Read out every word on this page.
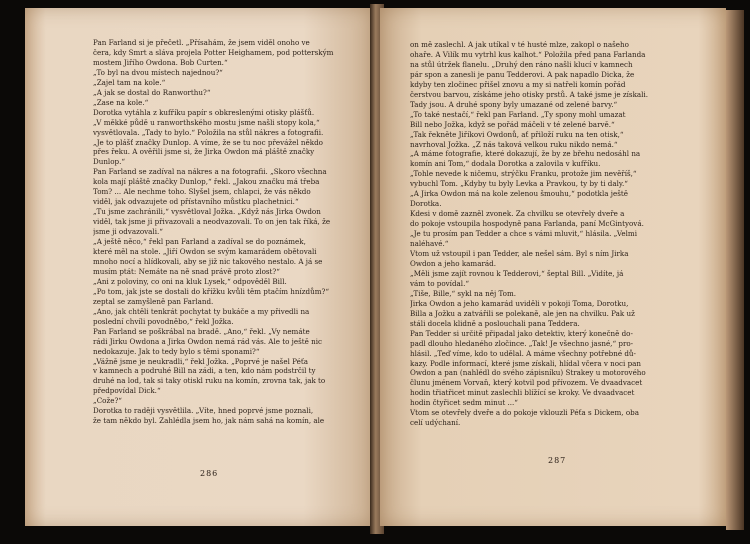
Pan Farland si je přečetl. „Přísahám, že jsem viděl onoho ve
čera, kdy Smrt a sláva projela Potter Heighamem, pod potterským
mostem Jiřího Owdona. Bob Curten.“
„To byl na dvou místech najednou?“
„Zajel tam na kole.“
„A jak se dostal do Ranworthu?“
„Zase na kole.“
Dorotka vytáhla z kufříku papír s obkreslenými otisky plášťů.
„V měkké půdě u ranworthského mostu jsme našli stopy kola,“
vysvětlovala. „Tady to bylo.“ Položila na stůl nákres a fotografii.
„Je to plášť značky Dunlop. A víme, že se tu noc převážel někdo
přes řeku. A ověřili jsme si, že Jirka Owdon má pláště značky
Dunlop.“
Pan Farland se zadíval na nákres a na fotografii. „Skoro všechna
kola mají pláště značky Dunlop,“ řekl. „Jakou značku má třeba
Tom? ... Ale nechme toho. Slyšel jsem, chlapci, že vás někdo
viděl, jak odvazujete od přístavního můstku plachetnici.“
„Tu jsme zachránili,“ vysvětloval Jožka. „Když nás Jirka Owdon
viděl, tak jsme ji přivazovali a neodvazovali. To on jen tak říká, že
jsme ji odvazovali.“
„A ještě něco,“ řekl pan Farland a zadíval se do poznámek,
které měl na stole. „Jiří Owdon se svým kamarádem obětovali
mnoho nocí a hlídkovali, aby se již nic takového nestalo. A já se
musím ptát: Nemáte na ně snad právě proto zlost?“
„Ani z poloviny, co oni na kluk Lysek,“ odpověděl Bill.
„Po tom, jak jste se dostali do křížku kvůli těm ptačím hnízdům?“
zeptal se zamyšleně pan Farland.
„Ano, jak chtěli tenkrát pochytat ty bukáče a my přivedli na
poslední chvíli povodněbo,“ řekl Jožka.
Pan Farland se poškrábal na bradě. „Ano,“ řekl. „Vy nemáte
rádi Jirku Owdona a Jirka Owdon nemá rád vás. Ale to ještě nic
nedokazuje. Jak to tedy bylo s těmi sponami?“
„Vážně jsme je neukradli,“ řekl Jožka. „Poprvé je našel Péťa
v kamnech a podruhé Bill na zádi, a ten, kdo nám podstrčil ty
druhé na lod, tak si taky otiskl ruku na komín, zrovna tak, jak to
předpovídal Dick.“
„Cože?“
Dorotka to raději vysvětlila. „Víte, hned poprvé jsme poznali,
že tam někdo byl. Zahlédla jsem ho, jak nám sahá na komín, ale
286
on mě zaslechl. A jak utíkal v té husté mlze, zakopl o našeho
ohaře. A Vilík mu vytrhl kus kalhot.“ Položila před pana Farlanda
na stůl útržek flanelu. „Druhý den ráno našli klucí v kamnech
pár spon a zanesli je panu Tedderovi. A pak napadlo Dicka, že
kdyby ten zločinec přišel znovu a my si natřeli komín pořád
čerstvou barvou, získáme jeho otisky prstů. A také jsme je získali.
Tady jsou. A druhé spony byly umazané od zelené barvy.“
„To také nestačí,“ řekl pan Farland. „Ty spony mohl umazat
Bill nebo Jožka, když se pořád máčeli v té zelené barvě.“
„Tak řekněte Jiříkovi Owdonů, ať přiloží ruku na ten otisk,“
navrhoval Jožka. „Z nás taková velkou ruku nikdo nemá.“
„A máme fotografie, které dokazují, že by ze břehu nedosáhl na
komín ani Tom,“ dodala Dorotka a zalovila v kufříku.
„Tohle nevede k ničemu, strýčku Franku, protože jim nevěříš,“
vybuchl Tom. „Kdyby tu byly Levka a Pravkou, ty by ti daly.“
„A Jirka Owdon má na kole zelenou šmouhu,“ podotkla ještě
Dorotka.
Kdesi v domě zazněl zvonek. Za chvilku se otevřely dveře a
do pokoje vstoupila hospodyně pana Farlanda, paní McGintyová.
„Je tu prosím pan Tedder a chce s vámi mluvit,“ hlásila. „Velmi
naléhavé.“
Vtom už vstoupil i pan Tedder, ale nešel sám. Byl s ním Jirka
Owdon a jeho kamarád.
„Měli jsme zajít rovnou k Tedderovi,“ šeptal Bill. „Vidíte, já
vám to povídal.“
„Tiše, Bille,“ sykl na něj Tom.
Jirka Owdon a jeho kamarád uviděli v pokoji Toma, Dorotku,
Billa a Jožku a zatvářili se polekaně, ale jen na chvilku. Pak už
stáli docela klidně a poslouchali pana Teddera.
Pan Tedder si určitě připadal jako detektiv, který konečně do-
padl dlouho hledaného zločince. „Tak! Je všechno jasné,“ pro-
hlásil. „Teď víme, kdo to udělal. A máme všechny potřebné dů-
kazy. Podle informací, které jsme získali, hlídal včera v noci pan
Owdon a pan (nahlédl do svého zápisníku) Strakey u motorového
člunu jménem Vorvaň, který kotvil pod přívozem. Ve dvaadvacet
hodin třiatřicet minut zaslechli blížící se kroky. Ve dvaadvacet
hodin čtyřicet sedm minut ...“
Vtom se otevřely dveře a do pokoje vklouzli Péťa s Dickem, oba
celí udýchaní.
287
